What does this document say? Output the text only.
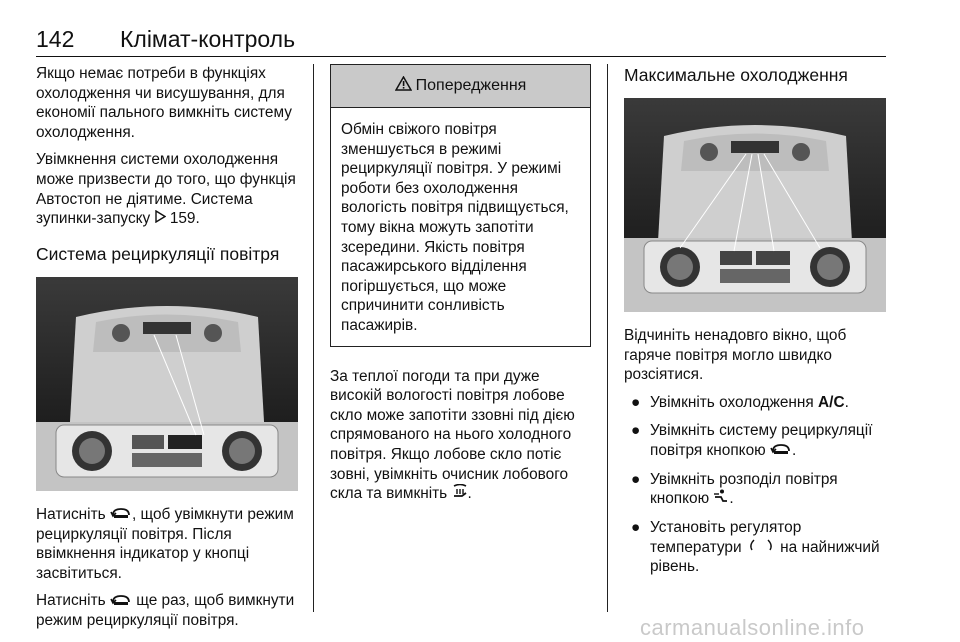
142 Клімат-контроль

Якщо немає потреби в функціях охолодження чи висушування, для економії пального вимкніть систему охолодження.

Увімкнення системи охолодження може призвести до того, що функція Автостоп не діятиме. Система зупинки-запуску 159.

Система рециркуляції повітря

Натисніть , щоб увімкнути режим рециркуляції повітря. Після ввімкнення індикатор у кнопці засвітиться.

Натисніть ще раз, щоб вимкнути режим рециркуляції повітря.

Попередження
Обмін свіжого повітря зменшується в режимі рециркуляції повітря. У режимі роботи без охолодження вологість повітря підвищується, тому вікна можуть запотіти зсередини. Якість повітря пасажирського відділення погіршується, що може спричинити сонливість пасажирів.

За теплої погоди та при дуже високій вологості повітря лобове скло може запотіти ззовні під дією спрямованого на нього холодного повітря. Якщо лобове скло потіє зовні, увімкніть очисник лобового скла та вимкніть .

Максимальне охолодження

Відчиніть ненадовго вікно, щоб гаряче повітря могло швидко розсіятися.

● Увімкніть охолодження A/C.
● Увімкніть систему рециркуляції повітря кнопкою .
● Увімкніть розподіл повітря кнопкою .
● Установіть регулятор температури	на найнижчий рівень.
carmanualsonline.info
